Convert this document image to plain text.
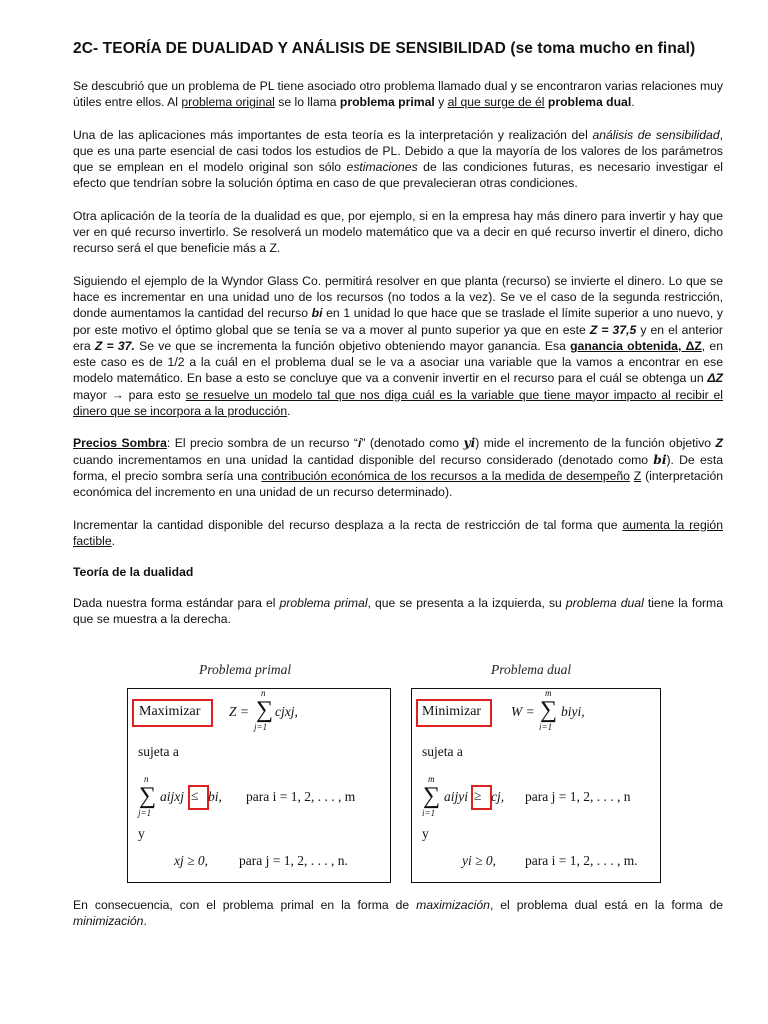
2C- TEORÍA DE DUALIDAD Y ANÁLISIS DE SENSIBILIDAD (se toma mucho en final)

Se descubrió que un problema de PL tiene asociado otro problema llamado dual y se encontraron varias relaciones muy útiles entre ellos. Al problema original se lo llama problema primal y al que surge de él problema dual.

Una de las aplicaciones más importantes de esta teoría es la interpretación y realización del análisis de sensibilidad, que es una parte esencial de casi todos los estudios de PL. Debido a que la mayoría de los valores de los parámetros que se emplean en el modelo original son sólo estimaciones de las condiciones futuras, es necesario investigar el efecto que tendrían sobre la solución óptima en caso de que prevalecieran otras condiciones.

Otra aplicación de la teoría de la dualidad es que, por ejemplo, si en la empresa hay más dinero para invertir y hay que ver en qué recurso invertirlo. Se resolverá un modelo matemático que va a decir en qué recurso invertir el dinero, dicho recurso será el que beneficie más a Z.

Siguiendo el ejemplo de la Wyndor Glass Co. permitirá resolver en que planta (recurso) se invierte el dinero. Lo que se hace es incrementar en una unidad uno de los recursos (no todos a la vez). Se ve el caso de la segunda restricción, donde aumentamos la cantidad del recurso bi en 1 unidad lo que hace que se traslade el límite superior a uno nuevo, y por este motivo el óptimo global que se tenía se va a mover al punto superior ya que en este Z = 37,5 y en el anterior era Z = 37. Se ve que se incrementa la función objetivo obteniendo mayor ganancia. Esa ganancia obtenida, ΔZ, en este caso es de 1/2 a la cuál en el problema dual se le va a asociar una variable que la vamos a encontrar en ese modelo matemático. En base a esto se concluye que va a convenir invertir en el recurso para el cuál se obtenga un ΔZ mayor → para esto se resuelve un modelo tal que nos diga cuál es la variable que tiene mayor impacto al recibir el dinero que se incorpora a la producción.

Precios Sombra: El precio sombra de un recurso “i” (denotado como yi) mide el incremento de la función objetivo Z cuando incrementamos en una unidad la cantidad disponible del recurso considerado (denotado como bi). De esta forma, el precio sombra sería una contribución económica de los recursos a la medida de desempeño Z (interpretación económica del incremento en una unidad de un recurso determinado).

Incrementar la cantidad disponible del recurso desplaza a la recta de restricción de tal forma que aumenta la región factible.

Teoría de la dualidad

Dada nuestra forma estándar para el problema primal, que se presenta a la izquierda, su problema dual tiene la forma que se muestra a la derecha.

Problema primal	Problema dual
Maximizar Z =
n
∑
j=1
cjxj,
sujeta a
n
∑
j=1
aijxj ≤ bi, para i = 1, 2, . . . , m
y
xj ≥ 0, para j = 1, 2, . . . , n.
Minimizar W =
m
∑
i=1
biyi,
sujeta a
m
∑
i=1
aijyi ≥ cj, para j = 1, 2, . . . , n
y
yi ≥ 0, para i = 1, 2, . . . , m.

En consecuencia, con el problema primal en la forma de maximización, el problema dual está en la forma de minimización.
